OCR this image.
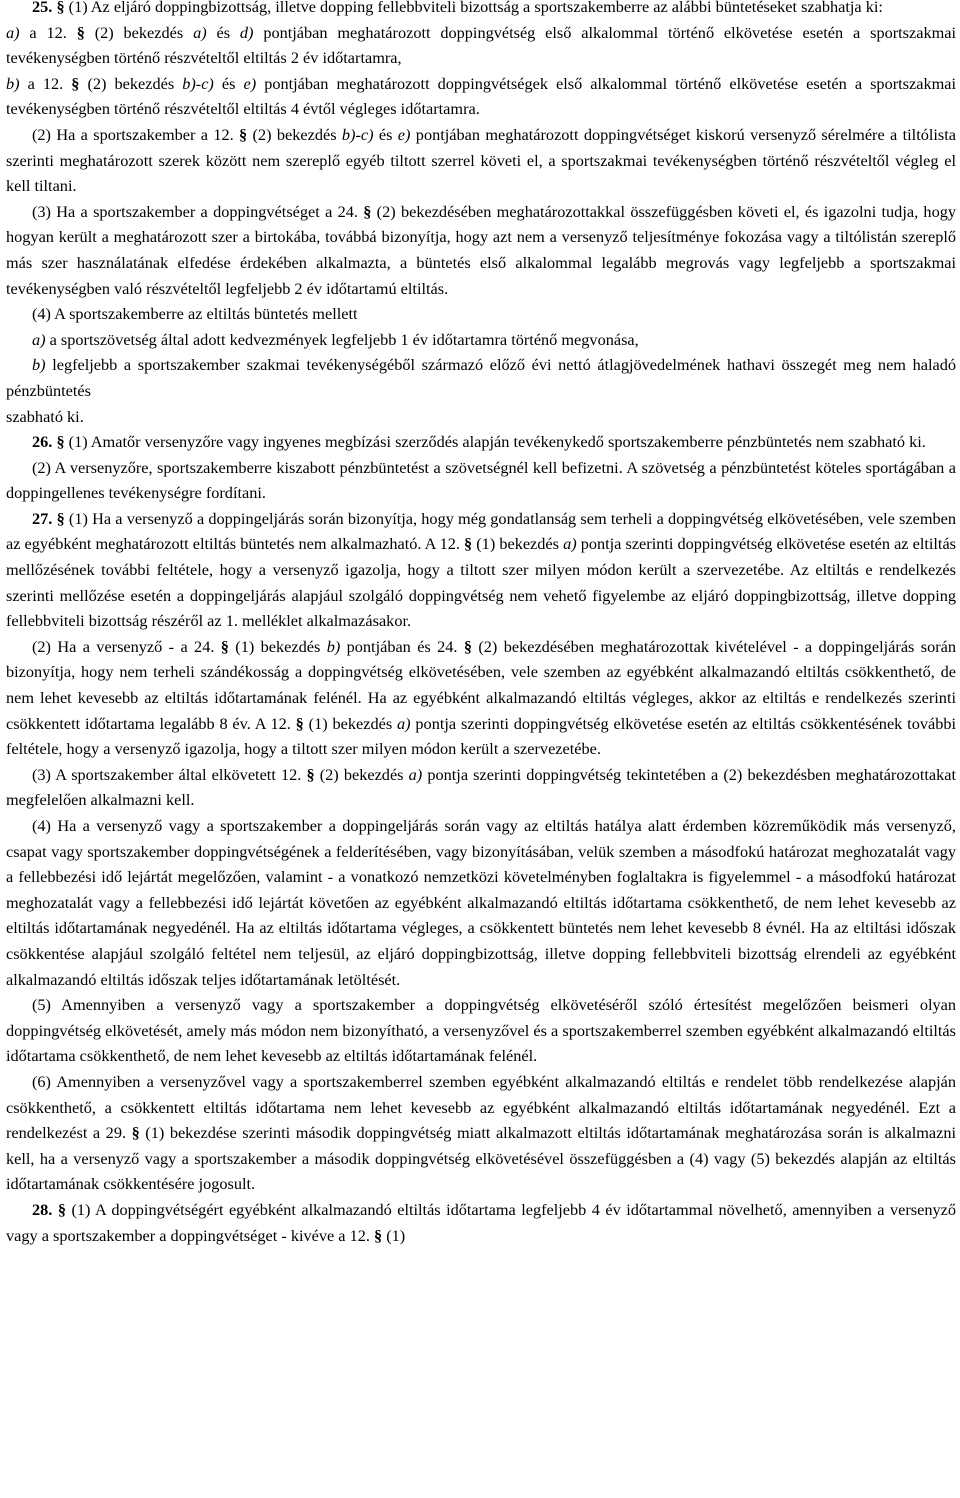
25. § (1) Az eljáró doppingbizottság, illetve dopping fellebbviteli bizottság a sportszakemberre az alábbi büntetéseket szabhatja ki:

a) a 12. § (2) bekezdés a) és d) pontjában meghatározott doppingvétség első alkalommal történő elkövetése esetén a sportszakmai tevékenységben történő részvételtől eltiltás 2 év időtartamra,

b) a 12. § (2) bekezdés b)-c) és e) pontjában meghatározott doppingvétségek első alkalommal történő elkövetése esetén a sportszakmai tevékenységben történő részvételtől eltiltás 4 évtől végleges időtartamra.

(2) Ha a sportszakember a 12. § (2) bekezdés b)-c) és e) pontjában meghatározott doppingvétséget kiskorú versenyző sérelmére a tiltólista szerinti meghatározott szerek között nem szereplő egyéb tiltott szerrel követi el, a sportszakmai tevékenységben történő részvételtől végleg el kell tiltani.

(3) Ha a sportszakember a doppingvétséget a 24. § (2) bekezdésében meghatározottakkal összefüggésben követi el, és igazolni tudja, hogy hogyan került a meghatározott szer a birtokába, továbbá bizonyítja, hogy azt nem a versenyző teljesítménye fokozása vagy a tiltólistán szereplő más szer használatának elfedése érdekében alkalmazta, a büntetés első alkalommal legalább megrovás vagy legfeljebb a sportszakmai tevékenységben való részvételtől legfeljebb 2 év időtartamú eltiltás.

(4) A sportszakemberre az eltiltás büntetés mellett

a) a sportszövetség által adott kedvezmények legfeljebb 1 év időtartamra történő megvonása,

b) legfeljebb a sportszakember szakmai tevékenységéből származó előző évi nettó átlagjövedelmének hathavi összegét meg nem haladó pénzbüntetés

szabható ki.

26. § (1) Amatőr versenyzőre vagy ingyenes megbízási szerződés alapján tevékenykedő sportszakemberre pénzbüntetés nem szabható ki.

(2) A versenyzőre, sportszakemberre kiszabott pénzbüntetést a szövetségnél kell befizetni. A szövetség a pénzbüntetést köteles sportágában a doppingellenes tevékenységre fordítani.

27. § (1) Ha a versenyző a doppingeljárás során bizonyítja, hogy még gondatlanság sem terheli a doppingvétség elkövetésében, vele szemben az egyébként meghatározott eltiltás büntetés nem alkalmazható. A 12. § (1) bekezdés a) pontja szerinti doppingvétség elkövetése esetén az eltiltás mellőzésének további feltétele, hogy a versenyző igazolja, hogy a tiltott szer milyen módon került a szervezetébe. Az eltiltás e rendelkezés szerinti mellőzése esetén a doppingeljárás alapjául szolgáló doppingvétség nem vehető figyelembe az eljáró doppingbizottság, illetve dopping fellebbviteli bizottság részéről az 1. melléklet alkalmazásakor.

(2) Ha a versenyző - a 24. § (1) bekezdés b) pontjában és 24. § (2) bekezdésében meghatározottak kivételével - a doppingeljárás során bizonyítja, hogy nem terheli szándékosság a doppingvétség elkövetésében, vele szemben az egyébként alkalmazandó eltiltás csökkenthető, de nem lehet kevesebb az eltiltás időtartamának felénél. Ha az egyébként alkalmazandó eltiltás végleges, akkor az eltiltás e rendelkezés szerinti csökkentett időtartama legalább 8 év. A 12. § (1) bekezdés a) pontja szerinti doppingvétség elkövetése esetén az eltiltás csökkentésének további feltétele, hogy a versenyző igazolja, hogy a tiltott szer milyen módon került a szervezetébe.

(3) A sportszakember által elkövetett 12. § (2) bekezdés a) pontja szerinti doppingvétség tekintetében a (2) bekezdésben meghatározottakat megfelelően alkalmazni kell.

(4) Ha a versenyző vagy a sportszakember a doppingeljárás során vagy az eltiltás hatálya alatt érdemben közreműködik más versenyző, csapat vagy sportszakember doppingvétségének a felderítésében, vagy bizonyításában, velük szemben a másodfokú határozat meghozatalát vagy a fellebbezési idő lejártát megelőzően, valamint - a vonatkozó nemzetközi követelményben foglaltakra is figyelemmel - a másodfokú határozat meghozatalát vagy a fellebbezési idő lejártát követően az egyébként alkalmazandó eltiltás időtartama csökkenthető, de nem lehet kevesebb az eltiltás időtartamának negyedénél. Ha az eltiltás időtartama végleges, a csökkentett büntetés nem lehet kevesebb 8 évnél. Ha az eltiltási időszak csökkentése alapjául szolgáló feltétel nem teljesül, az eljáró doppingbizottság, illetve dopping fellebbviteli bizottság elrendeli az egyébként alkalmazandó eltiltás időszak teljes időtartamának letöltését.

(5) Amennyiben a versenyző vagy a sportszakember a doppingvétség elkövetéséről szóló értesítést megelőzően beismeri olyan doppingvétség elkövetését, amely más módon nem bizonyítható, a versenyzővel és a sportszakemberrel szemben egyébként alkalmazandó eltiltás időtartama csökkenthető, de nem lehet kevesebb az eltiltás időtartamának felénél.

(6) Amennyiben a versenyzővel vagy a sportszakemberrel szemben egyébként alkalmazandó eltiltás e rendelet több rendelkezése alapján csökkenthető, a csökkentett eltiltás időtartama nem lehet kevesebb az egyébként alkalmazandó eltiltás időtartamának negyedénél. Ezt a rendelkezést a 29. § (1) bekezdése szerinti második doppingvétség miatt alkalmazott eltiltás időtartamának meghatározása során is alkalmazni kell, ha a versenyző vagy a sportszakember a második doppingvétség elkövetésével összefüggésben a (4) vagy (5) bekezdés alapján az eltiltás időtartamának csökkentésére jogosult.

28. § (1) A doppingvétségért egyébként alkalmazandó eltiltás időtartama legfeljebb 4 év időtartammal növelhető, amennyiben a versenyző vagy a sportszakember a doppingvétséget - kivéve a 12. § (1)
